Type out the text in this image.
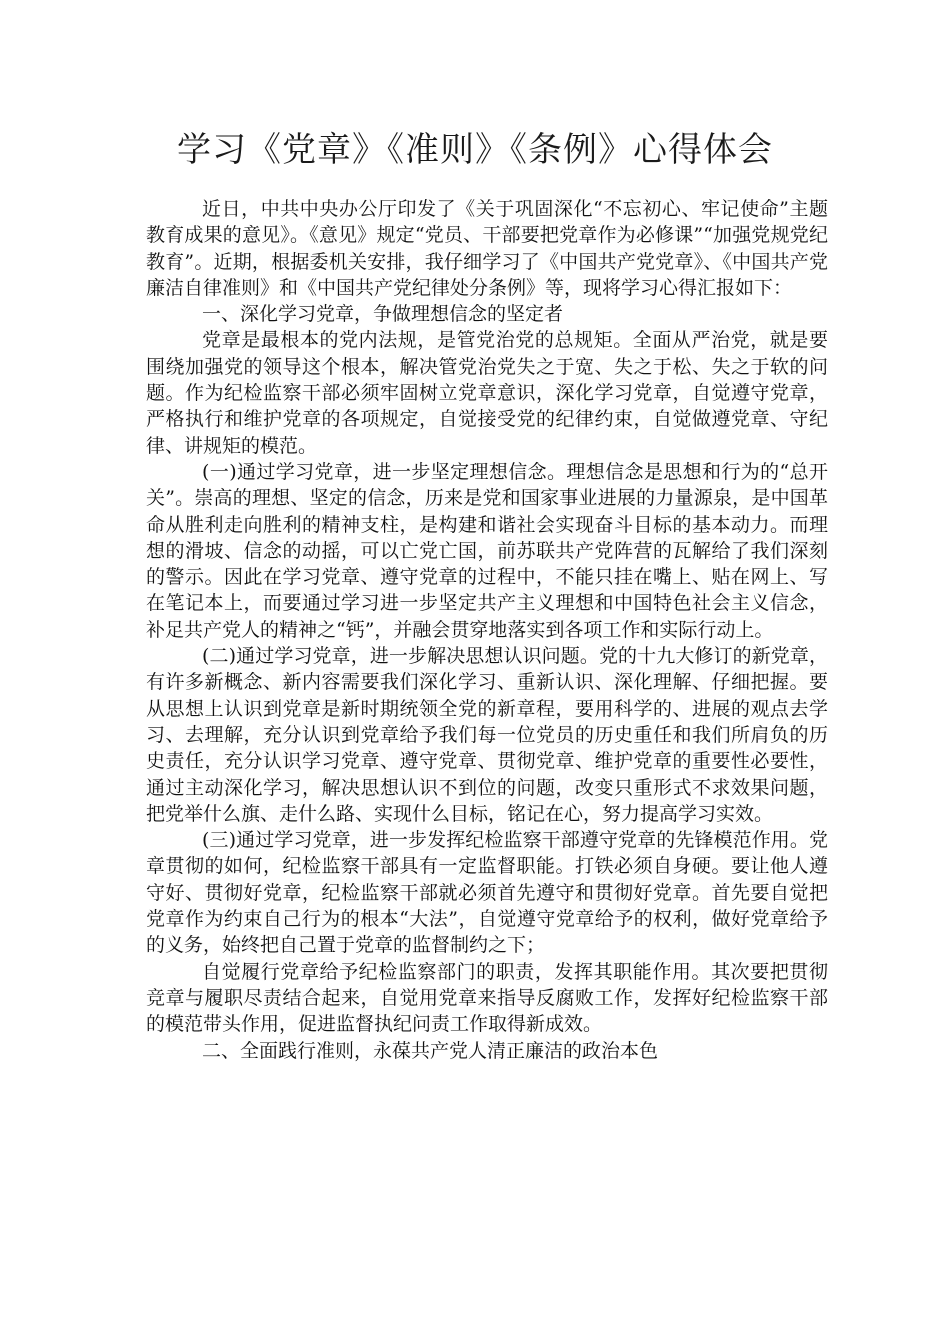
学习《党章》《准则》《条例》心得体会

近日，中共中央办公厅印发了《关于巩固深化“不忘初心、牢记使命”主题教育成果的意见》。《意见》规定“党员、干部要把党章作为必修课”“加强党规党纪教育”。近期，根据委机关安排，我仔细学习了《中国共产党党章》、《中国共产党廉洁自律准则》和《中国共产党纪律处分条例》等，现将学习心得汇报如下：

一、深化学习党章，争做理想信念的坚定者

党章是最根本的党内法规，是管党治党的总规矩。全面从严治党，就是要围绕加强党的领导这个根本，解决管党治党失之于宽、失之于松、失之于软的问题。作为纪检监察干部必须牢固树立党章意识，深化学习党章，自觉遵守党章，严格执行和维护党章的各项规定，自觉接受党的纪律约束，自觉做遵党章、守纪律、讲规矩的模范。

(一)通过学习党章，进一步坚定理想信念。理想信念是思想和行为的“总开关”。崇高的理想、坚定的信念，历来是党和国家事业进展的力量源泉，是中国革命从胜利走向胜利的精神支柱，是构建和谐社会实现奋斗目标的基本动力。而理想的滑坡、信念的动摇，可以亡党亡国，前苏联共产党阵营的瓦解给了我们深刻的警示。因此在学习党章、遵守党章的过程中，不能只挂在嘴上、贴在网上、写在笔记本上，而要通过学习进一步坚定共产主义理想和中国特色社会主义信念，补足共产党人的精神之“钙”，并融会贯穿地落实到各项工作和实际行动上。

(二)通过学习党章，进一步解决思想认识问题。党的十九大修订的新党章，有许多新概念、新内容需要我们深化学习、重新认识、深化理解、仔细把握。要从思想上认识到党章是新时期统领全党的新章程，要用科学的、进展的观点去学习、去理解，充分认识到党章给予我们每一位党员的历史重任和我们所肩负的历史责任，充分认识学习党章、遵守党章、贯彻党章、维护党章的重要性必要性，通过主动深化学习，解决思想认识不到位的问题，改变只重形式不求效果问题，把党举什么旗、走什么路、实现什么目标，铭记在心，努力提高学习实效。

(三)通过学习党章，进一步发挥纪检监察干部遵守党章的先锋模范作用。党章贯彻的如何，纪检监察干部具有一定监督职能。打铁必须自身硬。要让他人遵守好、贯彻好党章，纪检监察干部就必须首先遵守和贯彻好党章。首先要自觉把党章作为约束自己行为的根本“大法”，自觉遵守党章给予的权利，做好党章给予的义务，始终把自己置于党章的监督制约之下；

自觉履行党章给予纪检监察部门的职责，发挥其职能作用。其次要把贯彻竞章与履职尽责结合起来，自觉用党章来指导反腐败工作，发挥好纪检监察干部的模范带头作用，促进监督执纪问责工作取得新成效。

二、全面践行准则，永葆共产党人清正廉洁的政治本色
